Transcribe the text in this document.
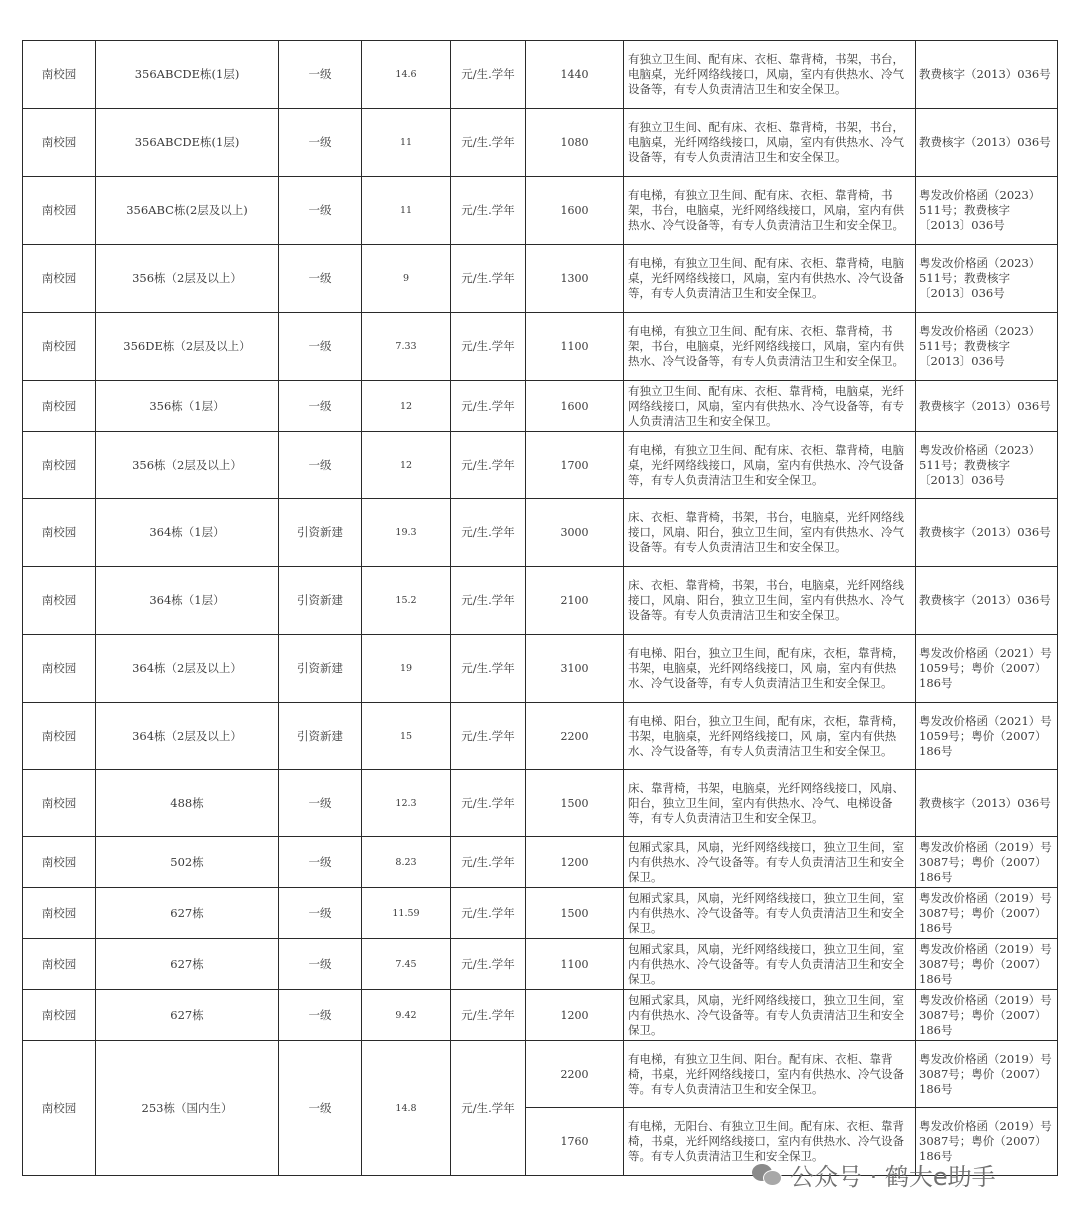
南校园	356ABCDE栋(1层)	一级	14.6	元/生.学年	1440	有独立卫生间、配有床、衣柜、靠背椅，书架，书台，电脑桌，光纤网络线接口，风扇，室内有供热水、冷气设备等，有专人负责清洁卫生和安全保卫。	教费核字（2013）036号
南校园	356ABCDE栋(1层)	一级	11	元/生.学年	1080	有独立卫生间、配有床、衣柜、靠背椅，书架，书台，电脑桌，光纤网络线接口，风扇，室内有供热水、冷气设备等，有专人负责清洁卫生和安全保卫。	教费核字（2013）036号
南校园	356ABC栋(2层及以上)	一级	11	元/生.学年	1600	有电梯，有独立卫生间、配有床、衣柜、靠背椅，书架，书台，电脑桌，光纤网络线接口，风扇，室内有供热水、冷气设备等，有专人负责清洁卫生和安全保卫。	粤发改价格函（2023）511号；教费核字〔2013〕036号
南校园	356栋（2层及以上）	一级	9	元/生.学年	1300	有电梯，有独立卫生间、配有床、衣柜、靠背椅，电脑桌，光纤网络线接口，风扇，室内有供热水、冷气设备等，有专人负责清洁卫生和安全保卫。	粤发改价格函（2023）511号；教费核字〔2013〕036号
南校园	356DE栋（2层及以上）	一级	7.33	元/生.学年	1100	有电梯，有独立卫生间、配有床、衣柜、靠背椅，书架，书台，电脑桌，光纤网络线接口，风扇，室内有供热水、冷气设备等，有专人负责清洁卫生和安全保卫。	粤发改价格函（2023）511号；教费核字〔2013〕036号
南校园	356栋（1层）	一级	12	元/生.学年	1600	有独立卫生间、配有床、衣柜、靠背椅，电脑桌，光纤网络线接口，风扇，室内有供热水、冷气设备等，有专人负责清洁卫生和安全保卫。	教费核字（2013）036号
南校园	356栋（2层及以上）	一级	12	元/生.学年	1700	有电梯，有独立卫生间、配有床、衣柜、靠背椅，电脑桌，光纤网络线接口，风扇，室内有供热水、冷气设备等，有专人负责清洁卫生和安全保卫。	粤发改价格函（2023）511号；教费核字〔2013〕036号
南校园	364栋（1层）	引资新建	19.3	元/生.学年	3000	床、衣柜、靠背椅，书架，书台，电脑桌，光纤网络线接口，风扇、阳台，独立卫生间，室内有供热水、冷气设备等。有专人负责清洁卫生和安全保卫。	教费核字（2013）036号
南校园	364栋（1层）	引资新建	15.2	元/生.学年	2100	床、衣柜、靠背椅，书架，书台，电脑桌，光纤网络线接口，风扇、阳台，独立卫生间，室内有供热水、冷气设备等。有专人负责清洁卫生和安全保卫。	教费核字（2013）036号
南校园	364栋（2层及以上）	引资新建	19	元/生.学年	3100	有电梯、阳台，独立卫生间，配有床，衣柜，靠背椅，书架，电脑桌，光纤网络线接口，风 扇，室内有供热水、冷气设备等，有专人负责清洁卫生和安全保卫。	粤发改价格函（2021）号1059号；粤价（2007）186号
南校园	364栋（2层及以上）	引资新建	15	元/生.学年	2200	有电梯、阳台，独立卫生间，配有床，衣柜，靠背椅，书架，电脑桌，光纤网络线接口，风 扇，室内有供热水、冷气设备等，有专人负责清洁卫生和安全保卫。	粤发改价格函（2021）号1059号；粤价（2007）186号
南校园	488栋	一级	12.3	元/生.学年	1500	床、靠背椅，书架，电脑桌，光纤网络线接口，风扇、阳台，独立卫生间，室内有供热水、冷气、电梯设备等，有专人负责清洁卫生和安全保卫。	教费核字（2013）036号
南校园	502栋	一级	8.23	元/生.学年	1200	包厢式家具，风扇，光纤网络线接口，独立卫生间，室内有供热水、冷气设备等。有专人负责清洁卫生和安全保卫。	粤发改价格函（2019）号3087号；粤价（2007）186号
南校园	627栋	一级	11.59	元/生.学年	1500	包厢式家具，风扇，光纤网络线接口，独立卫生间，室内有供热水、冷气设备等。有专人负责清洁卫生和安全保卫。	粤发改价格函（2019）号3087号；粤价（2007）186号
南校园	627栋	一级	7.45	元/生.学年	1100	包厢式家具，风扇，光纤网络线接口，独立卫生间，室内有供热水、冷气设备等。有专人负责清洁卫生和安全保卫。	粤发改价格函（2019）号3087号；粤价（2007）186号
南校园	627栋	一级	9.42	元/生.学年	1200	包厢式家具，风扇，光纤网络线接口，独立卫生间，室内有供热水、冷气设备等。有专人负责清洁卫生和安全保卫。	粤发改价格函（2019）号3087号；粤价（2007）186号
南校园	253栋（国内生）	一级	14.8	元/生.学年	2200	有电梯，有独立卫生间、阳台。配有床、衣柜、靠背椅，书桌，光纤网络线接口，室内有供热水、冷气设备等。有专人负责清洁卫生和安全保卫。	粤发改价格函（2019）号3087号；粤价（2007）186号
					1760	有电梯，无阳台、有独立卫生间。配有床、衣柜、靠背椅，书桌，光纤网络线接口，室内有供热水、冷气设备等。有专人负责清洁卫生和安全保卫。	粤发改价格函（2019）号3087号；粤价（2007）186号
公众号 · 鹤大e助手
